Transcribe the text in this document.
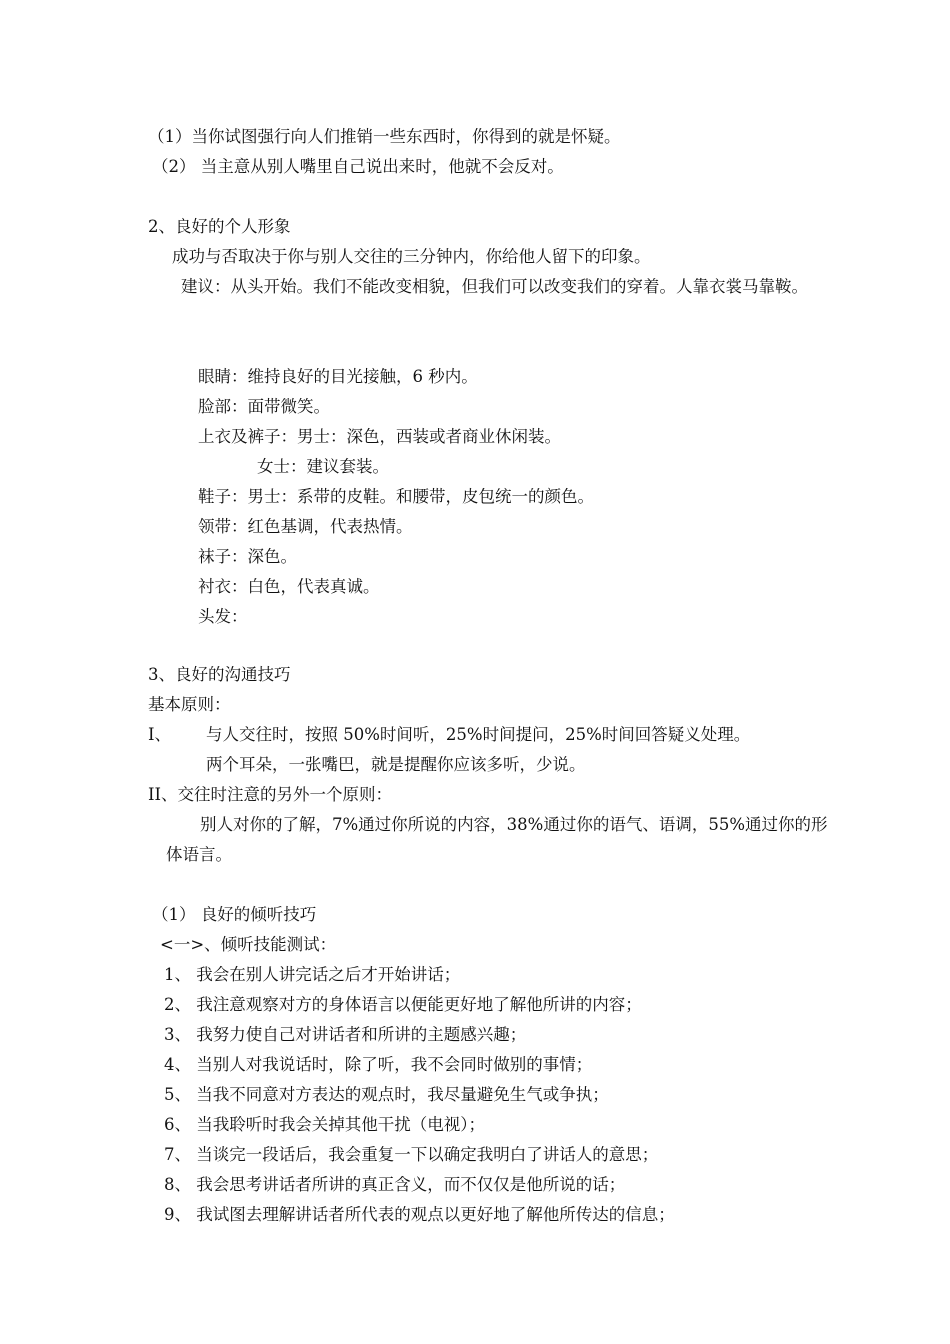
（1）当你试图强行向人们推销一些东西时，你得到的就是怀疑。
（2） 当主意从别人嘴里自己说出来时，他就不会反对。
2、良好的个人形象
成功与否取决于你与别人交往的三分钟内，你给他人留下的印象。
建议：从头开始。我们不能改变相貌，但我们可以改变我们的穿着。人靠衣裳马靠鞍。
眼睛：维持良好的目光接触，6 秒内。
脸部：面带微笑。
上衣及裤子：男士：深色，西装或者商业休闲装。
女士：建议套装。
鞋子：男士：系带的皮鞋。和腰带，皮包统一的颜色。
领带：红色基调，代表热情。
袜子：深色。
衬衣：白色，代表真诚。
头发：
3、良好的沟通技巧
基本原则：
I、 与人交往时，按照 50%时间听，25%时间提问，25%时间回答疑义处理。
两个耳朵，一张嘴巴，就是提醒你应该多听，少说。
II、交往时注意的另外一个原则：
别人对你的了解，7%通过你所说的内容，38%通过你的语气、语调，55%通过你的形体语言。
（1） 良好的倾听技巧
<一>、倾听技能测试：
1、 我会在别人讲完话之后才开始讲话；
2、 我注意观察对方的身体语言以便能更好地了解他所讲的内容；
3、 我努力使自己对讲话者和所讲的主题感兴趣；
4、 当别人对我说话时，除了听，我不会同时做别的事情；
5、 当我不同意对方表达的观点时，我尽量避免生气或争执；
6、 当我聆听时我会关掉其他干扰（电视）；
7、 当谈完一段话后，我会重复一下以确定我明白了讲话人的意思；
8、 我会思考讲话者所讲的真正含义，而不仅仅是他所说的话；
9、 我试图去理解讲话者所代表的观点以更好地了解他所传达的信息；
